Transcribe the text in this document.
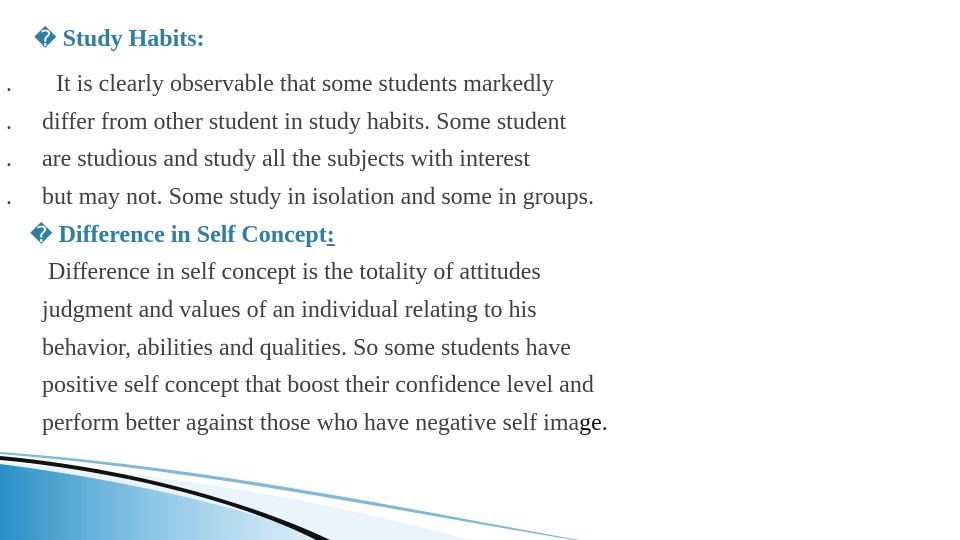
� Study Habits:
. It is clearly observable that some students markedly
. differ from other student in study habits. Some student
. are studious and study all the subjects with interest
. but may not. Some study in isolation and some in groups.
� Difference in Self Concept:
Difference in self concept is the totality of attitudes
judgment and values of an individual relating to his
behavior, abilities and qualities. So some students have
positive self concept that boost their confidence level and
perform better against those who have negative self image.
